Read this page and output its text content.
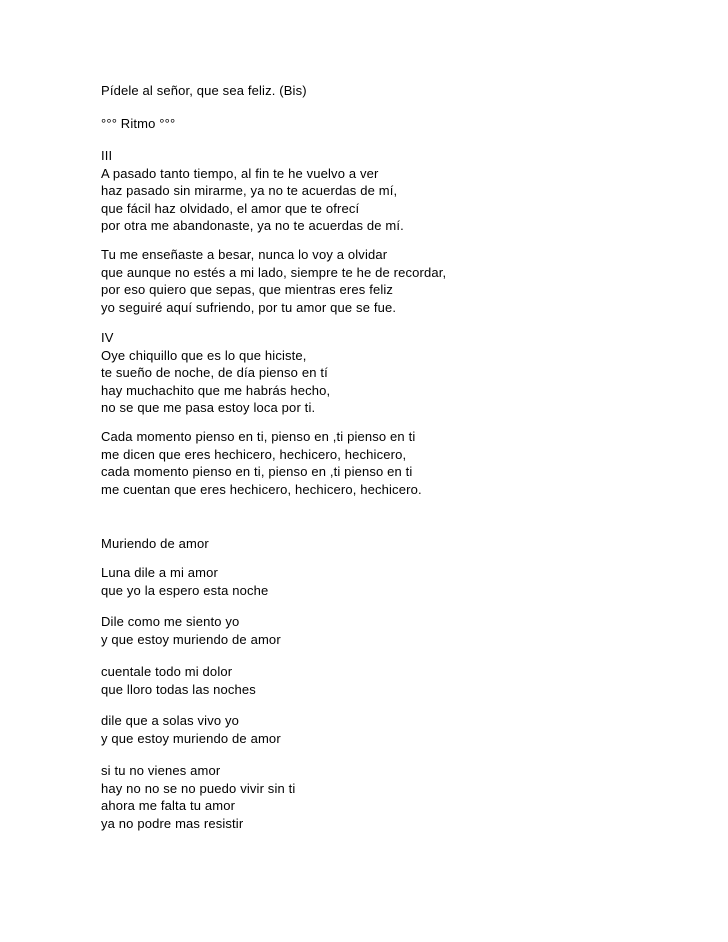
Pídele al señor, que sea feliz. (Bis)
°°° Ritmo °°°
III
A pasado tanto tiempo, al fin te he vuelvo a ver
haz pasado sin mirarme, ya no te acuerdas de mí,
que fácil haz olvidado, el amor que te ofrecí
por otra me abandonaste, ya no te acuerdas de mí.
Tu me enseñaste a besar, nunca lo voy a olvidar
que aunque no estés a mi lado, siempre te he de recordar,
por eso quiero que sepas, que mientras eres feliz
yo seguiré aquí sufriendo, por tu amor que se fue.
IV
Oye chiquillo que es lo que hiciste,
te sueño de noche, de día pienso en tí
hay muchachito que me habrás hecho,
no se que me pasa estoy loca por ti.
Cada momento pienso en ti, pienso en ,ti pienso en ti
me dicen que eres hechicero, hechicero, hechicero,
cada momento pienso en ti, pienso en ,ti pienso en ti
me cuentan que eres hechicero, hechicero, hechicero.
Muriendo de amor
Luna dile a mi amor
que yo la espero esta noche
Dile como me siento yo
y que estoy muriendo de amor
cuentale todo mi dolor
que lloro todas las noches
dile que a solas vivo yo
y que estoy muriendo de amor
si tu no vienes amor
hay no no se no puedo vivir sin ti
ahora me falta tu amor
ya no podre mas resistir
